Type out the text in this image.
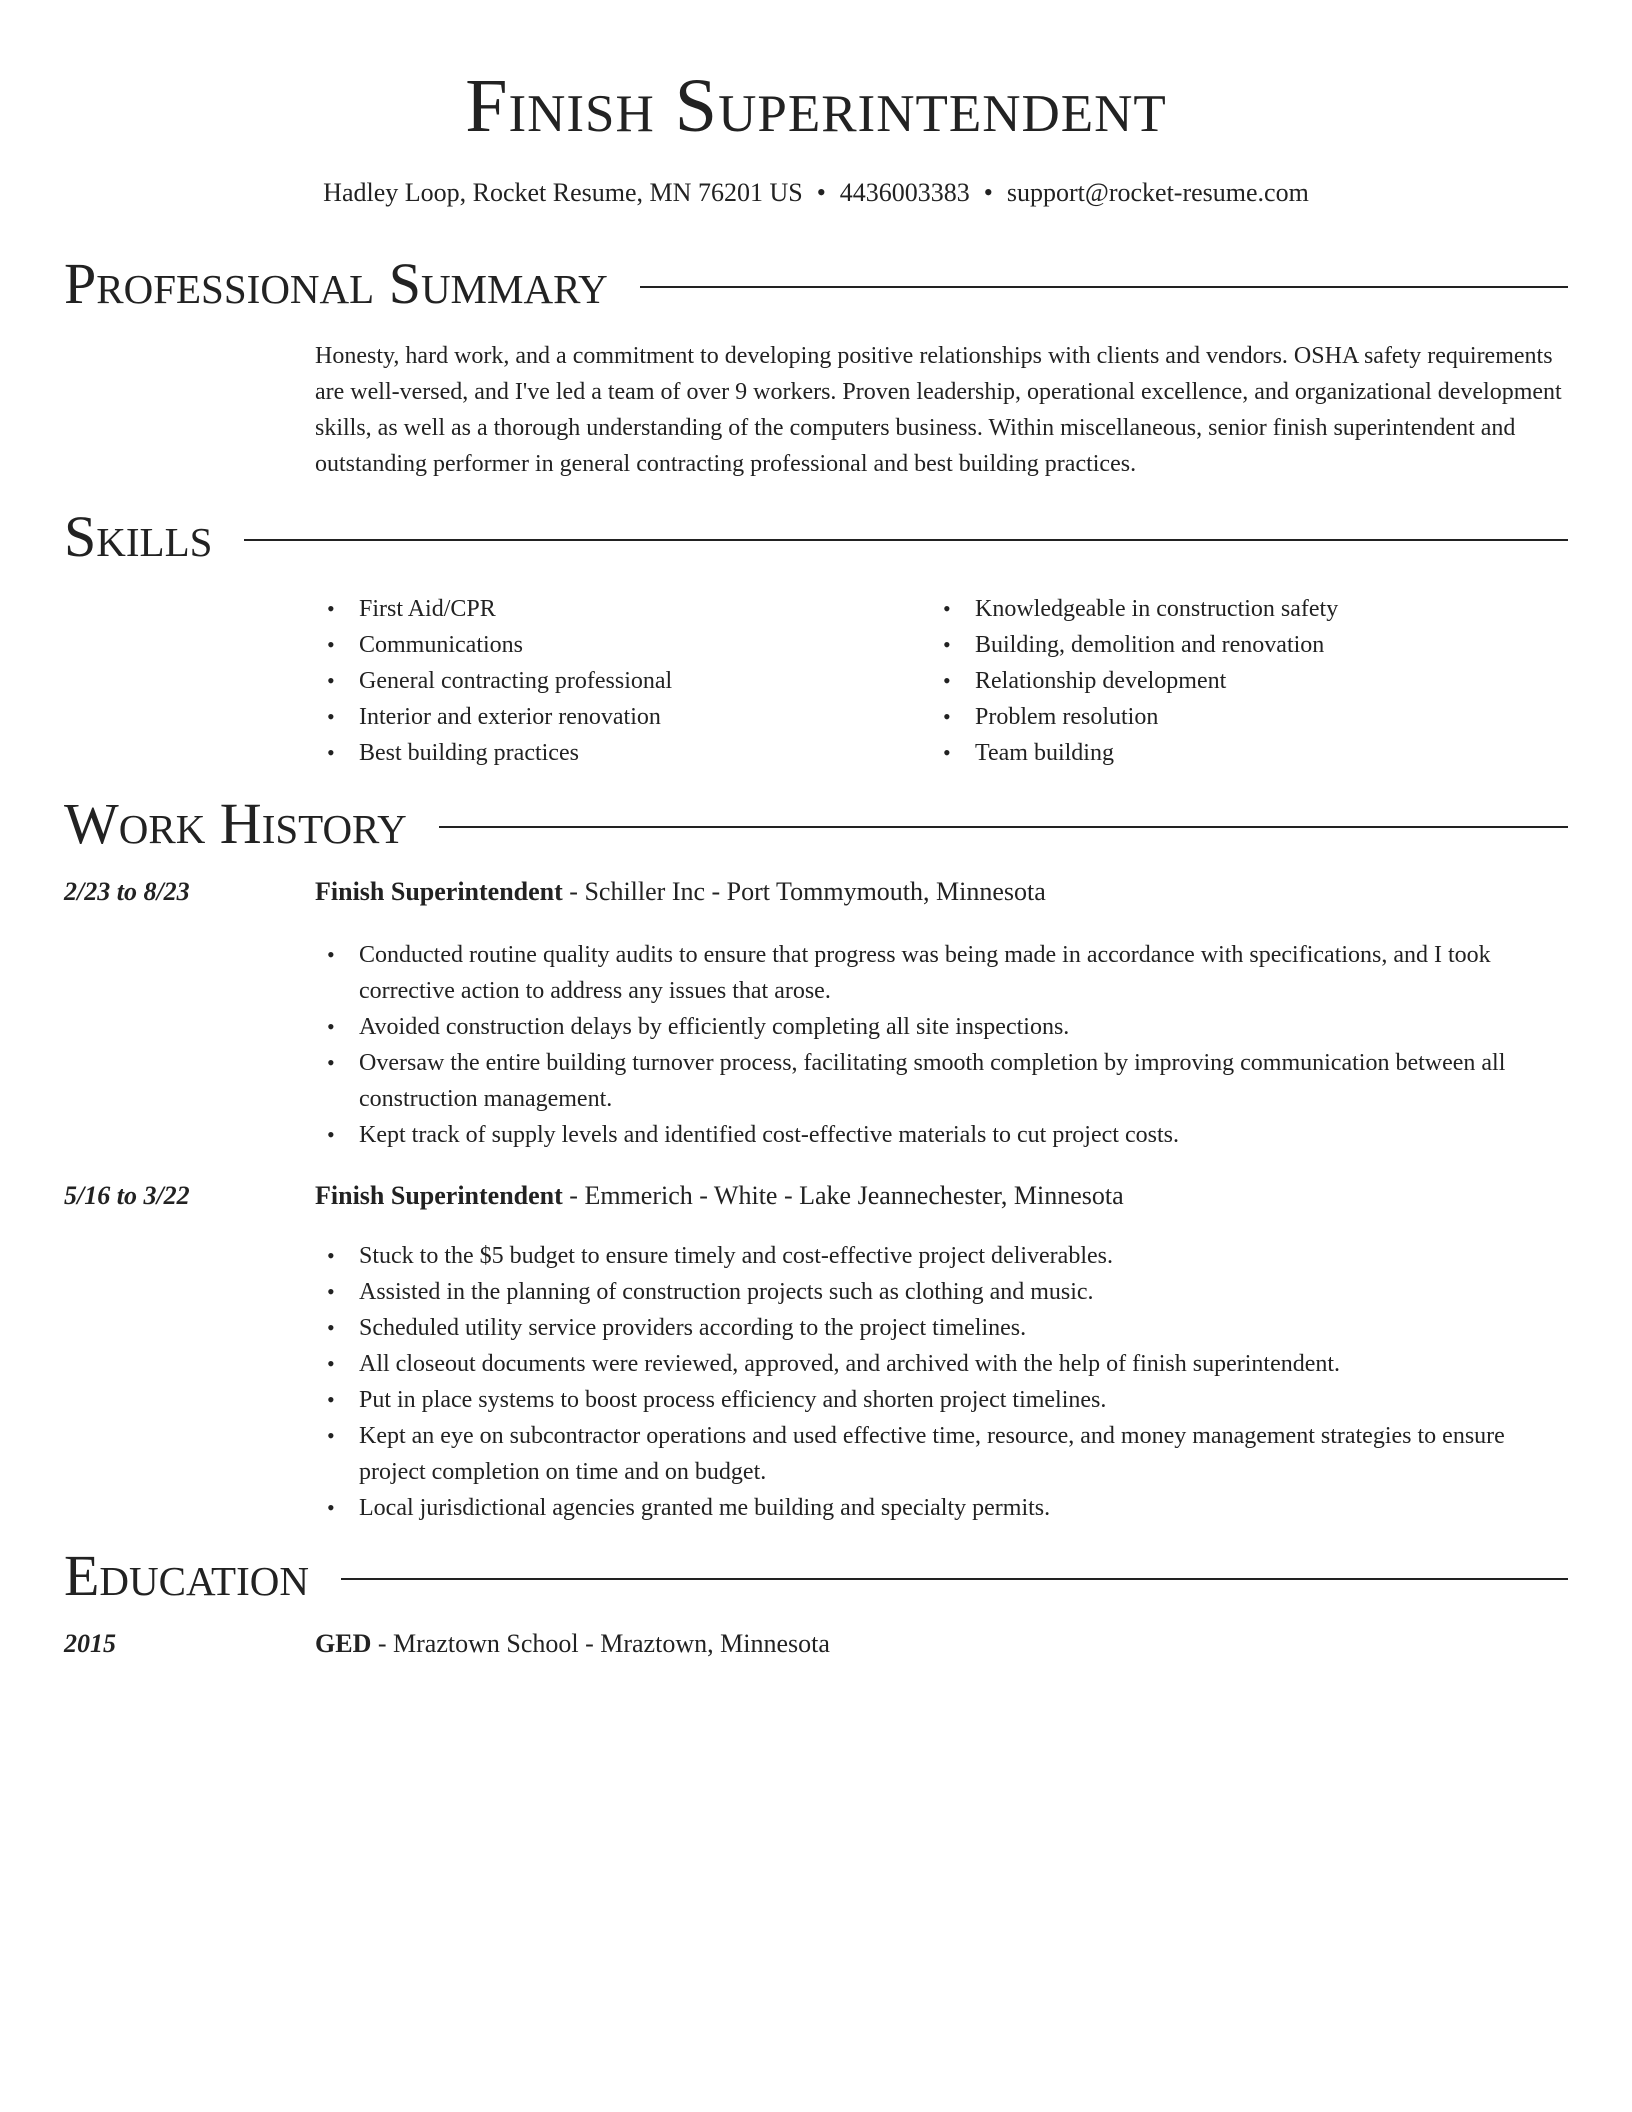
Finish Superintendent
Hadley Loop, Rocket Resume, MN 76201 US • 4436003383 • support@rocket-resume.com
Professional Summary

Honesty, hard work, and a commitment to developing positive relationships with clients and vendors. OSHA safety requirements are well-versed, and I've led a team of over 9 workers. Proven leadership, operational excellence, and organizational development skills, as well as a thorough understanding of the computers business. Within miscellaneous, senior finish superintendent and outstanding performer in general contracting professional and best building practices.

Skills
• First Aid/CPR
• Communications
• General contracting professional
• Interior and exterior renovation
• Best building practices
• Knowledgeable in construction safety
• Building, demolition and renovation
• Relationship development
• Problem resolution
• Team building
Work History
2/23 to 8/23	Finish Superintendent - Schiller Inc - Port Tommymouth, Minnesota
• Conducted routine quality audits to ensure that progress was being made in accordance with specifications, and I took corrective action to address any issues that arose.
• Avoided construction delays by efficiently completing all site inspections.
• Oversaw the entire building turnover process, facilitating smooth completion by improving communication between all construction management.
• Kept track of supply levels and identified cost-effective materials to cut project costs.
5/16 to 3/22	Finish Superintendent - Emmerich - White - Lake Jeannechester, Minnesota
• Stuck to the $5 budget to ensure timely and cost-effective project deliverables.
• Assisted in the planning of construction projects such as clothing and music.
• Scheduled utility service providers according to the project timelines.
• All closeout documents were reviewed, approved, and archived with the help of finish superintendent.
• Put in place systems to boost process efficiency and shorten project timelines.
• Kept an eye on subcontractor operations and used effective time, resource, and money management strategies to ensure project completion on time and on budget.
• Local jurisdictional agencies granted me building and specialty permits.
Education
2015	GED - Mraztown School - Mraztown, Minnesota
